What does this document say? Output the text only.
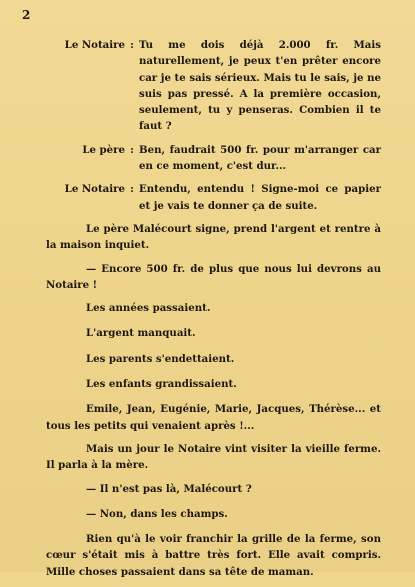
2
Le Notaire : Tu me dois déjà 2.000 fr. Mais naturellement, je peux t'en prêter encore car je te sais sérieux. Mais tu le sais, je ne suis pas pressé. A la première occasion, seulement, tu y penseras. Combien il te faut ?
Le père : Ben, faudrait 500 fr. pour m'arranger car en ce moment, c'est dur...
Le Notaire : Entendu, entendu ! Signe-moi ce papier et je vais te donner ça de suite.

Le père Malécourt signe, prend l'argent et rentre à la maison inquiet.

— Encore 500 fr. de plus que nous lui devrons au Notaire !

Les années passaient.

L'argent manquait.

Les parents s'endettaient.

Les enfants grandissaient.

Emile, Jean, Eugénie, Marie, Jacques, Thérèse... et tous les petits qui venaient après !...

Mais un jour le Notaire vint visiter la vieille ferme. Il parla à la mère.

— Il n'est pas là, Malécourt ?

— Non, dans les champs.

Rien qu'à le voir franchir la grille de la ferme, son cœur s'était mis à battre très fort. Elle avait compris. Mille choses passaient dans sa tête de maman.
